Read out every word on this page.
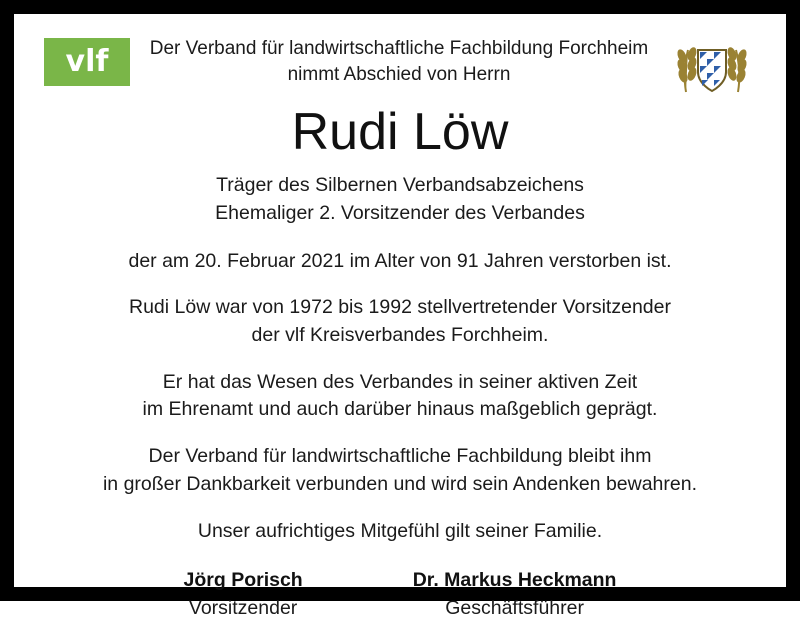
vlf	Der Verband für landwirtschaftliche Fachbildung Forchheim
nimmt Abschied von Herrn
Rudi Löw
Träger des Silbernen Verbandsabzeichens
Ehemaliger 2. Vorsitzender des Verbandes
der am 20. Februar 2021 im Alter von 91 Jahren verstorben ist.
Rudi Löw war von 1972 bis 1992 stellvertretender Vorsitzender
der vlf Kreisverbandes Forchheim.
Er hat das Wesen des Verbandes in seiner aktiven Zeit
im Ehrenamt und auch darüber hinaus maßgeblich geprägt.
Der Verband für landwirtschaftliche Fachbildung bleibt ihm
in großer Dankbarkeit verbunden und wird sein Andenken bewahren.
Unser aufrichtiges Mitgefühl gilt seiner Familie.
Jörg Porisch
Vorsitzender
Dr. Markus Heckmann
Geschäftsführer
